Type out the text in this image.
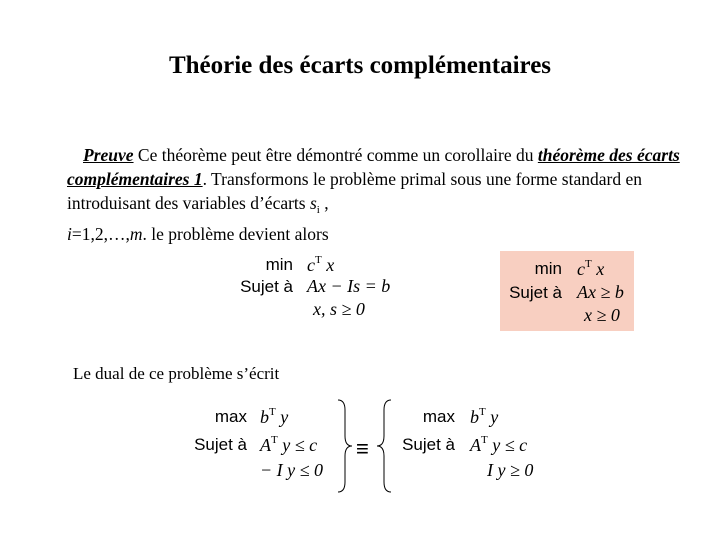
Théorie des écarts complémentaires
Preuve Ce théorème peut être démontré comme un corollaire du théorème des écarts complémentaires 1. Transformons le problème primal sous une forme standard en introduisant des variables d’écarts $s_i$ ,
i=1,2,…,m. le problème devient alors
min
Sujet à
$c^T$ x
Ax − Is = b
x, s ≥ 0
min
Sujet à
$c^T$ x
Ax ≥ b
x ≥ 0
Le dual de ce problème s’écrit
max
Sujet à
$b^T$ y
$A^T$ y ≤ c
− I y ≤ 0
≡
max
Sujet à
$b^T$ y
$A^T$ y ≤ c
I y ≥ 0
